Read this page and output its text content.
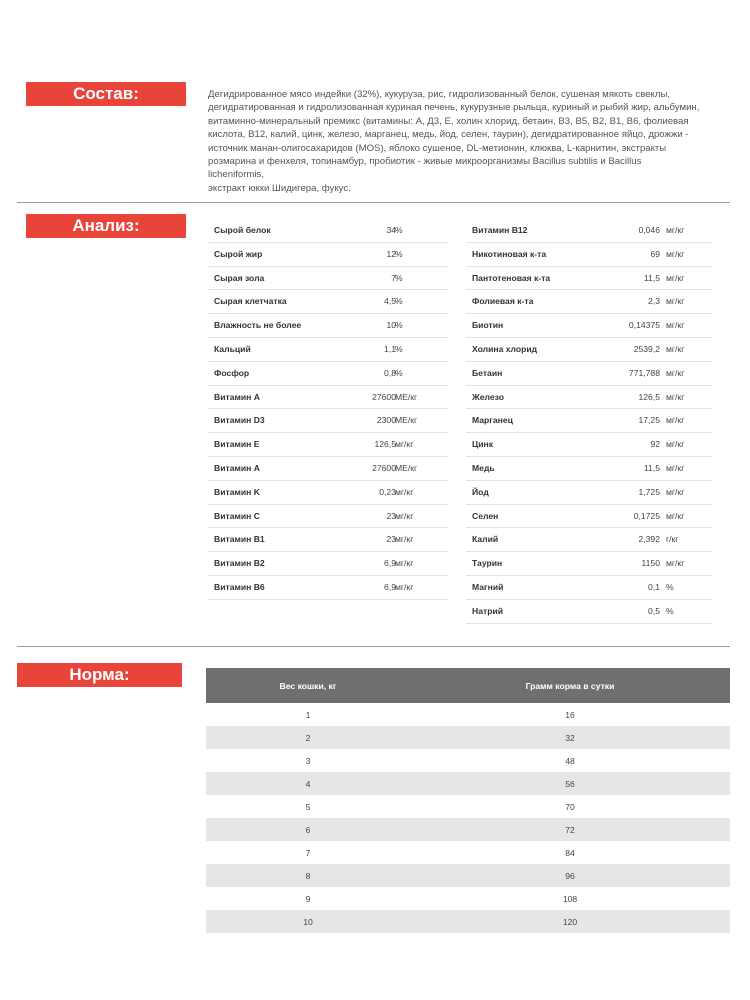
Состав:	Дегидрированное мясо индейки (32%), кукуруза, рис, гидролизованный белок, сушеная мякоть свеклы,
дегидратированная и гидролизованная куриная печень, кукурузные рыльца, куриный и рыбий жир, альбумин,
витаминно-минеральный премикс (витамины: А, Д3, Е, холин хлорид, бетаин, В3, В5, В2, В1, В6, фолиевая
кислота, В12, калий, цинк, железо, марганец, медь, йод, селен, таурин), дегидратированное яйцо, дрожжи -
источник манан-олигосахаридов (MOS), яблоко сушеное, DL-метионин, клюква, L-карнитин, экстракты
розмарина и фенхеля, топинамбур, пробиотик - живые микроорганизмы Bacillus subtilis и Bacillus licheniformis,
экстракт юкки Шидигера, фукус.
Анализ:	Сырой белок	34 %
Сырой жир	12 %
Сырая зола	7 %
Сырая клетчатка	4,5 %
Влажность не более	10 %
Кальций	1,1 %
Фосфор	0,8 %
Витамин А	27600 МЕ/кг
Витамин D3	2300 МЕ/кг
Витамин E	126,5 мг/кг
Витамин А	27600 МЕ/кг
Витамин K	0,23 мг/кг
Витамин C	23 мг/кг
Витамин В1	23 мг/кг
Витамин В2	6,9 мг/кг
Витамин В6	6,9 мг/кг
Витамин В12	0,046 мг/кг
Никотиновая к-та	69 мг/кг
Пантотеновая к-та	11,5 мг/кг
Фолиевая к-та	2,3 мг/кг
Биотин	0,14375 мг/кг
Холина хлорид	2539,2 мг/кг
Бетаин	771,788 мг/кг
Железо	126,5 мг/кг
Марганец	17,25 мг/кг
Цинк	92 мг/кг
Медь	11,5 мг/кг
Йод	1,725 мг/кг
Селен	0,1725 мг/кг
Калий	2,392 г/кг
Таурин	1150 мг/кг
Магний	0,1 %
Натрий	0,5 %
Норма:
Вес кошки, кг	Грамм корма в сутки
1	16
2	32
3	48
4	56
5	70
6	72
7	84
8	96
9	108
10	120
